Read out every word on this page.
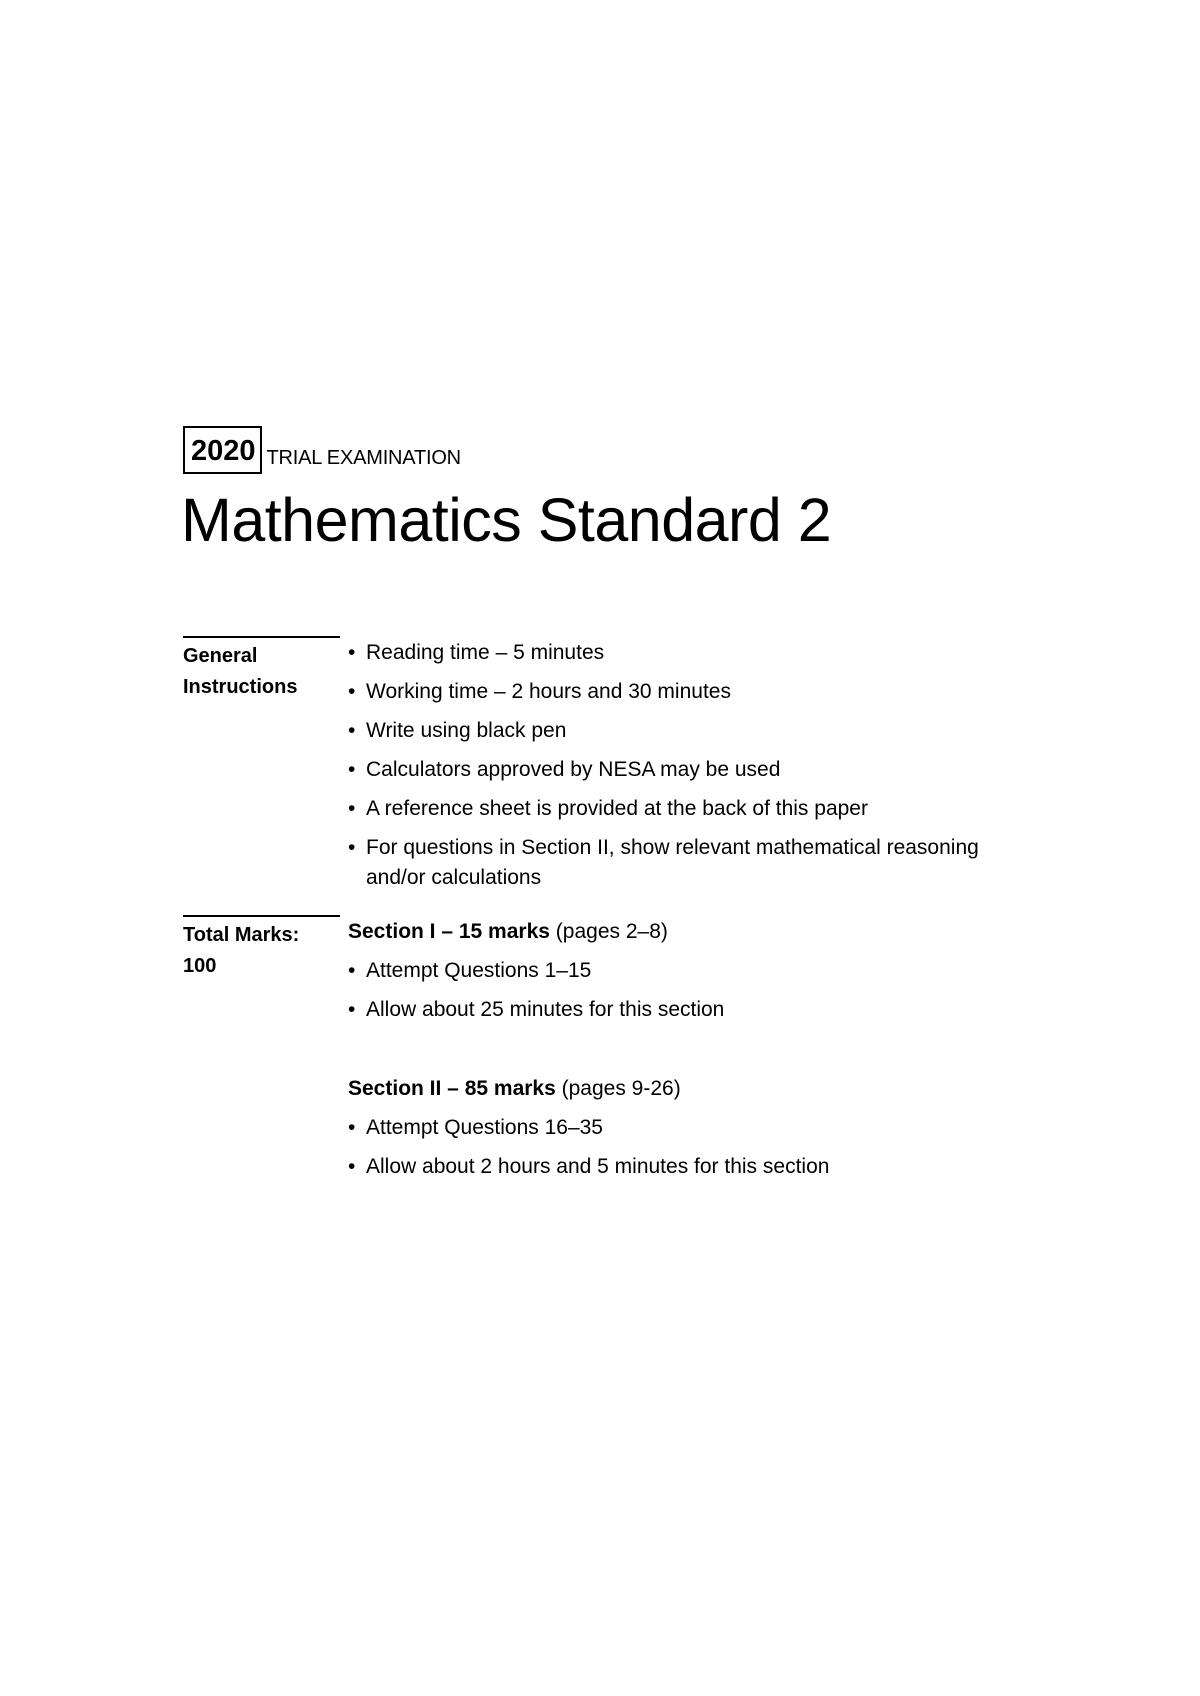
2020 TRIAL EXAMINATION
Mathematics Standard 2
General
Instructions
• Reading time – 5 minutes
• Working time – 2 hours and 30 minutes
• Write using black pen
• Calculators approved by NESA may be used
• A reference sheet is provided at the back of this paper
• For questions in Section II, show relevant mathematical reasoning and/or calculations
Total Marks:
100
Section I – 15 marks (pages 2–8)
• Attempt Questions 1–15
• Allow about 25 minutes for this section
Section II – 85 marks (pages 9-26)
• Attempt Questions 16–35
• Allow about 2 hours and 5 minutes for this section
